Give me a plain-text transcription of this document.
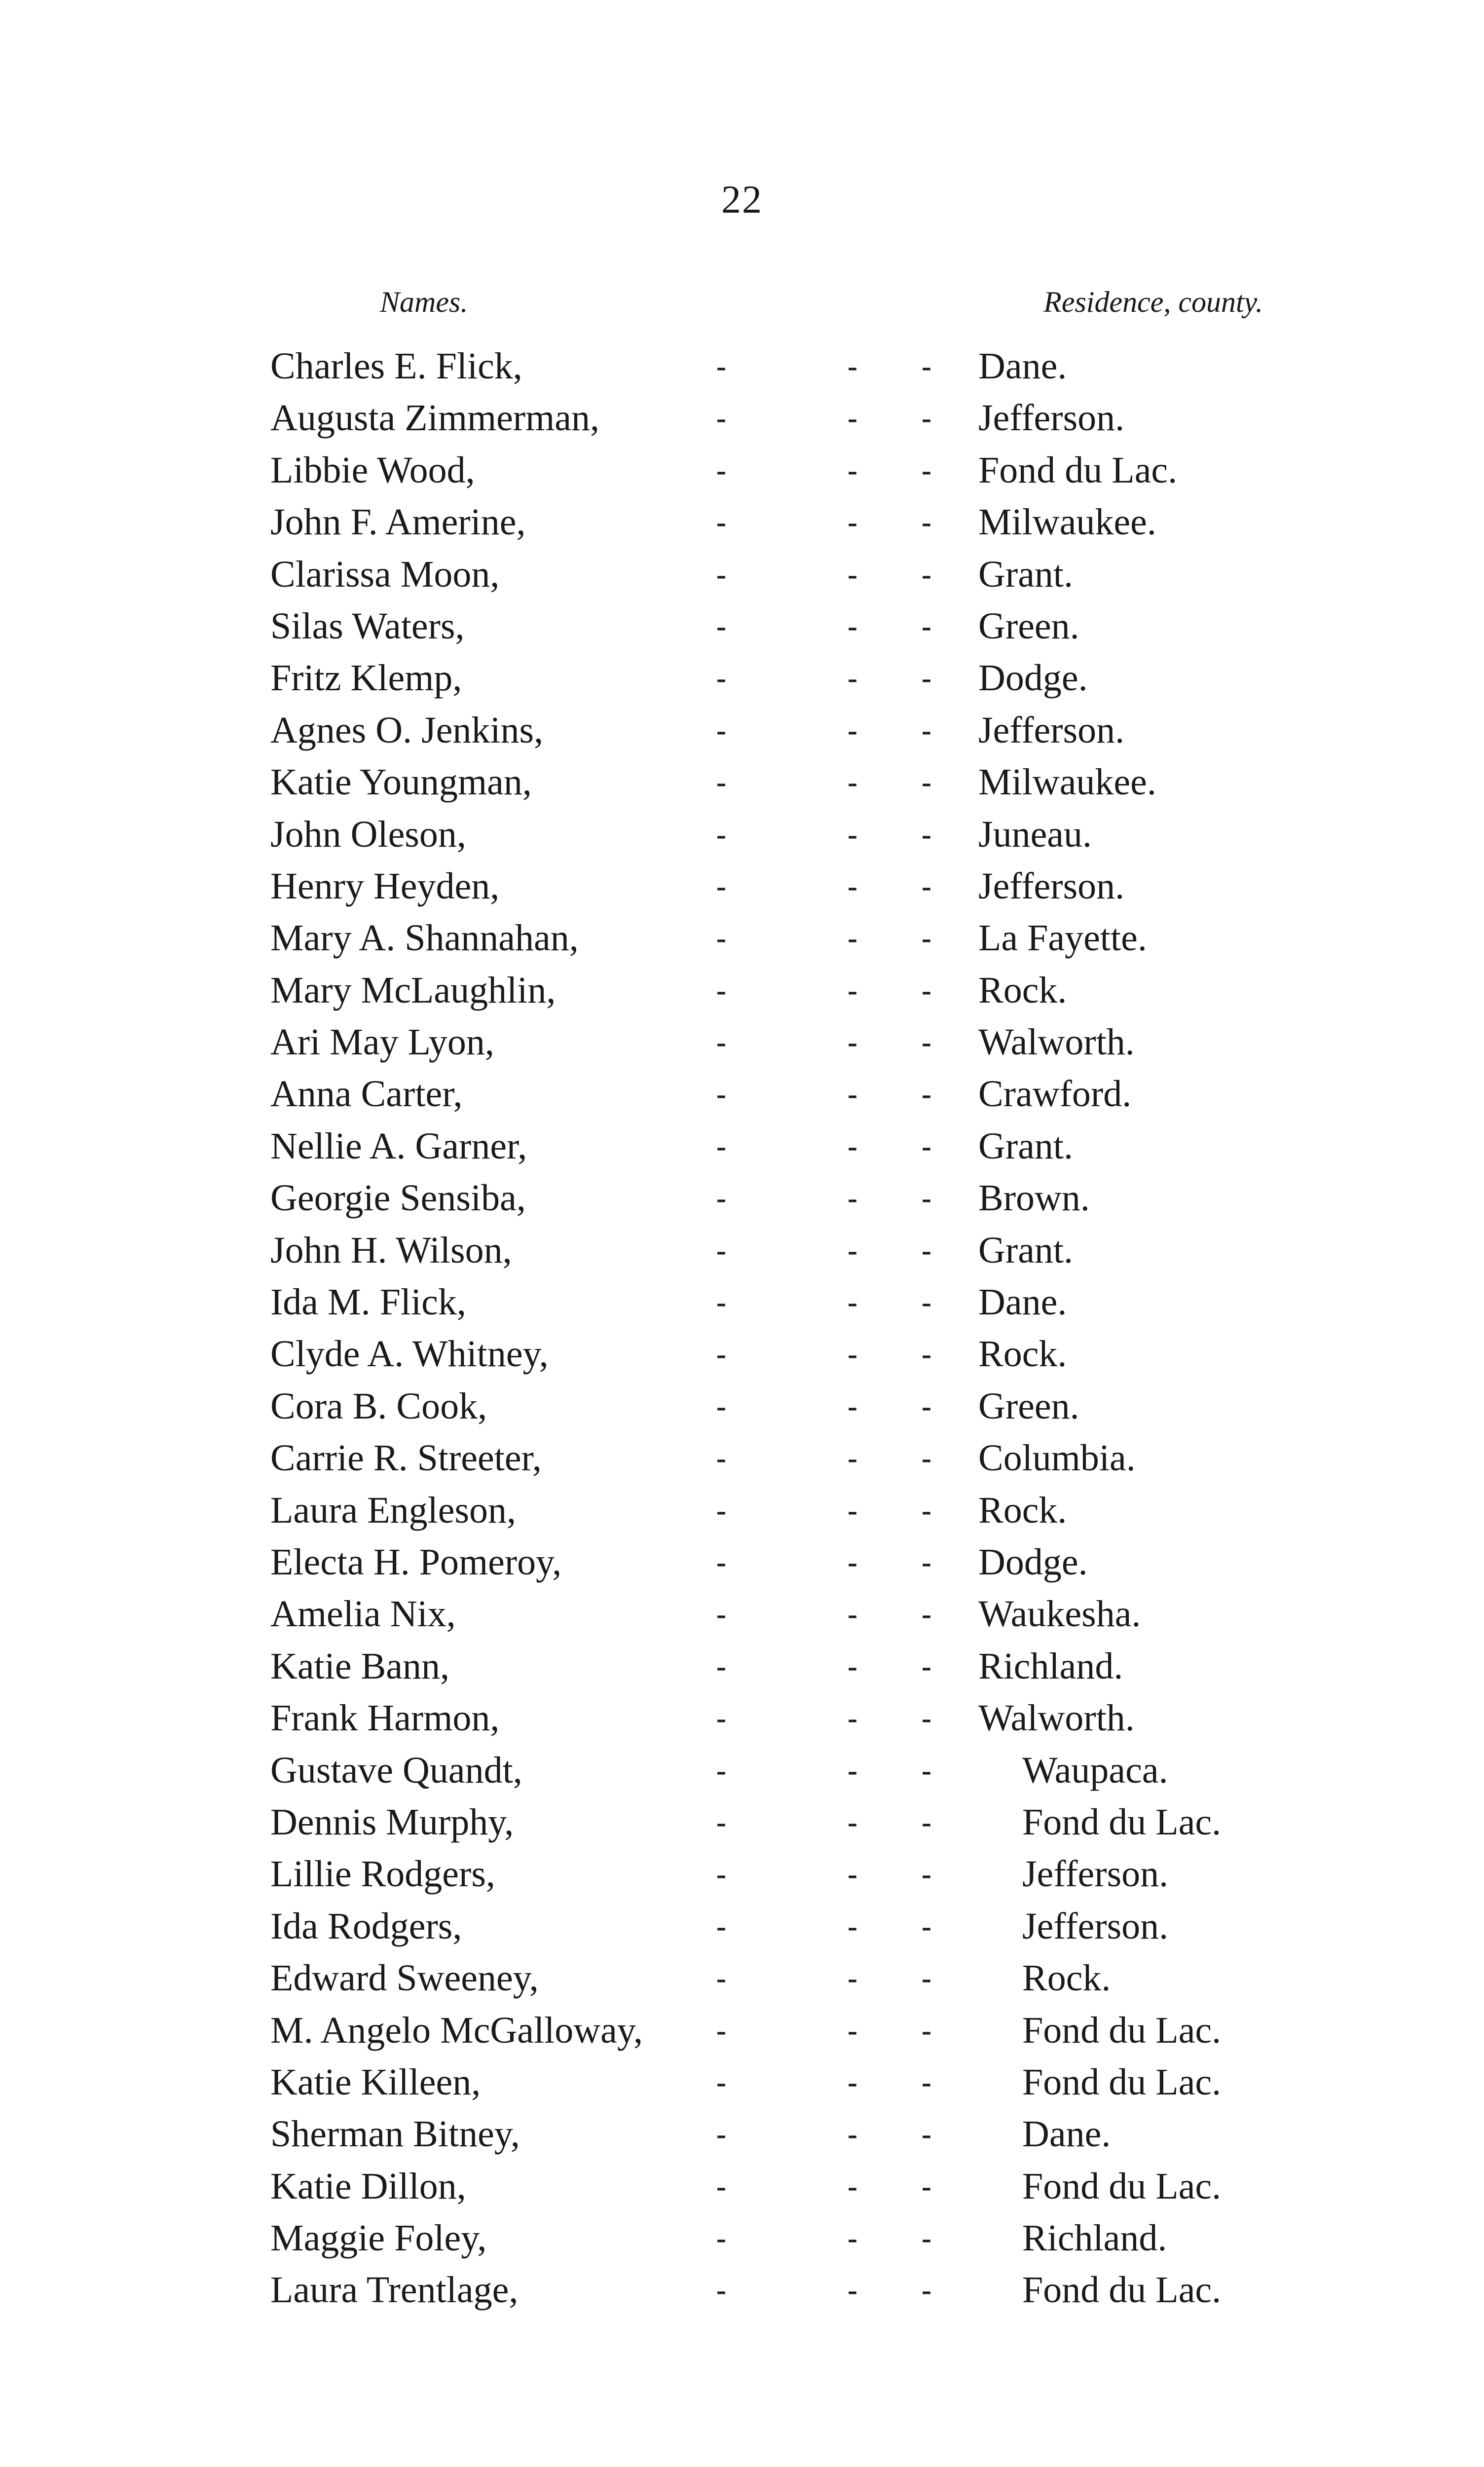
22
Names.	Residence, county.
Charles E. Flick,	-	- - Dane.
Augusta Zimmerman,	-	- - Jefferson.
Libbie Wood,	-	- - Fond du Lac.
John F. Amerine,	-	- - Milwaukee.
Clarissa Moon,	-	- - Grant.
Silas Waters,	-	- - Green.
Fritz Klemp,	-	- - Dodge.
Agnes O. Jenkins,	-	- - Jefferson.
Katie Youngman,	-	- - Milwaukee.
John Oleson,	-	- - Juneau.
Henry Heyden,	-	- - Jefferson.
Mary A. Shannahan,	-	- - La Fayette.
Mary McLaughlin,	-	- - Rock.
Ari May Lyon,	-	- - Walworth.
Anna Carter,	-	- - Crawford.
Nellie A. Garner,	-	- - Grant.
Georgie Sensiba,	-	- - Brown.
John H. Wilson,	-	- - Grant.
Ida M. Flick,	-	- - Dane.
Clyde A. Whitney,	-	- - Rock.
Cora B. Cook,	-	- - Green.
Carrie R. Streeter,	-	- - Columbia.
Laura Engleson,	-	- - Rock.
Electa H. Pomeroy,	-	- - Dodge.
Amelia Nix,	-	- - Waukesha.
Katie Bann,	-	- - Richland.
Frank Harmon,	-	- - Walworth.
Gustave Quandt,	-	- - Waupaca.
Dennis Murphy,	-	- - Fond du Lac.
Lillie Rodgers,	-	- - Jefferson.
Ida Rodgers,	-	- - Jefferson.
Edward Sweeney,	-	- - Rock.
M. Angelo McGalloway, -	- - Fond du Lac.
Katie Killeen,	-	- - Fond du Lac.
Sherman Bitney,	-	- - Dane.
Katie Dillon,	-	- - Fond du Lac.
Maggie Foley,	-	- - Richland.
Laura Trentlage,	-	- - Fond du Lac.
